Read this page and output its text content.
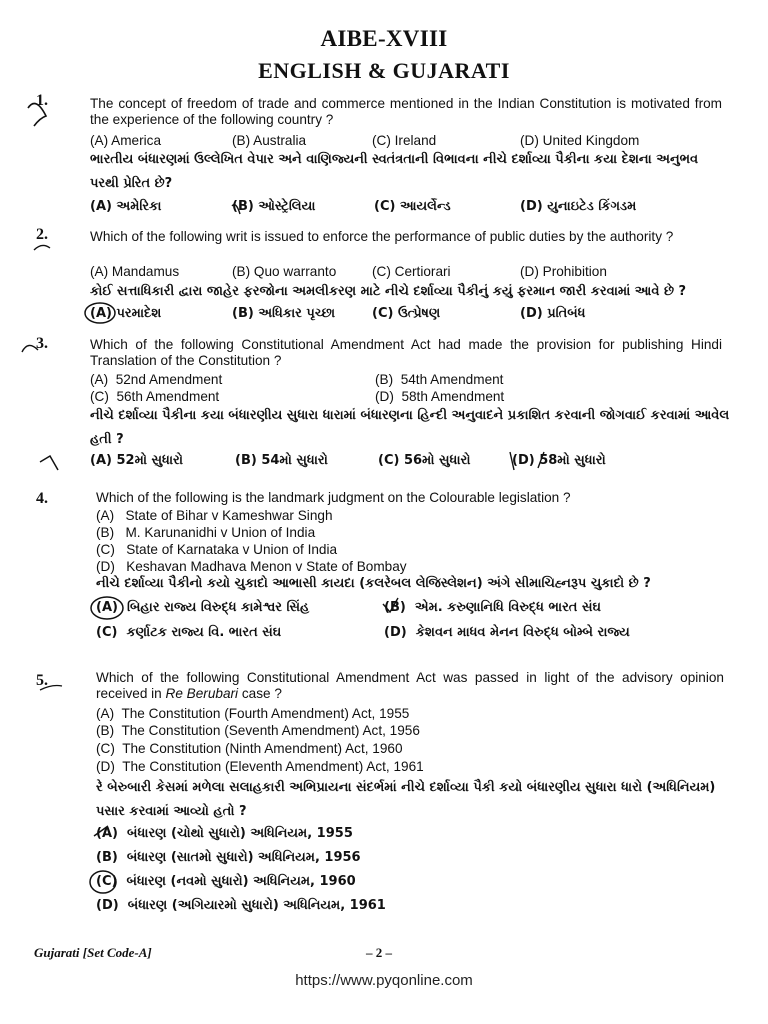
AIBE-XVIII
ENGLISH & GUJARATI
1.	The concept of freedom of trade and commerce mentioned in the Indian Constitution is motivated from the experience of the following country ?
(A) America	(B) Australia	(C) Ireland	(D) United Kingdom
ભારતીય બંધારણમાં ઉલ્લેખિત વેપાર અને વાણિજ્યની સ્વતંત્રતાની વિભાવના નીચે દર્શાવ્યા પૈકીના કયા દેશના અનુભવ પરથી પ્રેરિત છે?
(A) અમેરિકા	(B) ઓસ્ટ્રેલિયા	(C) આયર્લેન્ડ	(D) યુનાઇટેડ કિંગડમ
2.	Which of the following writ is issued to enforce the performance of public duties by the authority ?
(A) Mandamus	(B) Quo warranto	(C) Certiorari	(D) Prohibition
કોઈ સત્તાધિકારી દ્વારા જાહેર ફરજોના અમલીકરણ માટે નીચે દર્શાવ્યા પૈકીનું કયું ફરમાન જારી કરવામાં આવે છે ?
(A) પરમાદેશ	(B) અધિકાર પૃચ્છા	(C) ઉત્પ્રેષણ	(D) પ્રતિબંધ
3.	Which of the following Constitutional Amendment Act had made the provision for publishing Hindi Translation of the Constitution ?
(A) 52nd Amendment	(B) 54th Amendment
(C) 56th Amendment	(D) 58th Amendment
નીચે દર્શાવ્યા પૈકીના કયા બંધારણીય સુધારા ધારામાં બંધારણના હિન્દી અનુવાદને પ્રકાશિત કરવાની જોગવાઈ કરવામાં આવેલ હતી ?
(A) 52મો સુધારો	(B) 54મો સુધારો	(C) 56મો સુધારો	(D) 58મો સુધારો
4.	Which of the following is the landmark judgment on the Colourable legislation ?
(A) State of Bihar v Kameshwar Singh
(B) M. Karunanidhi v Union of India
(C) State of Karnataka v Union of India
(D) Keshavan Madhava Menon v State of Bombay
નીચે દર્શાવ્યા પૈકીનો કયો ચુકાદો આભાસી કાયદા (કલરેબલ લેજિસ્લેશન) અંગે સીમાચિહ્નરૂપ ચુકાદો છે ?
(A) બિહાર રાજ્ય વિરુદ્ધ કામેશ્વર સિંહ	(B) એમ. કરુણાનિધિ વિરુદ્ધ ભારત સંઘ
(C) કર્ણાટક રાજ્ય વિ. ભારત સંઘ	(D) કેશવન માધવ મેનન વિરુદ્ધ બોમ્બે રાજ્ય
5.	Which of the following Constitutional Amendment Act was passed in light of the advisory opinion received in Re Berubari case ?
(A) The Constitution (Fourth Amendment) Act, 1955
(B) The Constitution (Seventh Amendment) Act, 1956
(C) The Constitution (Ninth Amendment) Act, 1960
(D) The Constitution (Eleventh Amendment) Act, 1961
રે બેરુબારી કેસમાં મળેલા સલાહકારી અભિપ્રાયના સંદર્ભમાં નીચે દર્શાવ્યા પૈકી કયો બંધારણીય સુધારા ધારો (અધિનિયમ) પસાર કરવામાં આવ્યો હતો ?
(A) બંધારણ (ચોથો સુધારો) અધિનિયમ, 1955
(B) બંધારણ (સાતમો સુધારો) અધિનિયમ, 1956
(C) બંધારણ (નવમો સુધારો) અધિનિયમ, 1960
(D) બંધારણ (અગિયારમો સુધારો) અધિનિયમ, 1961
Gujarati [Set Code-A]	– 2 –
https://www.pyqonline.com
